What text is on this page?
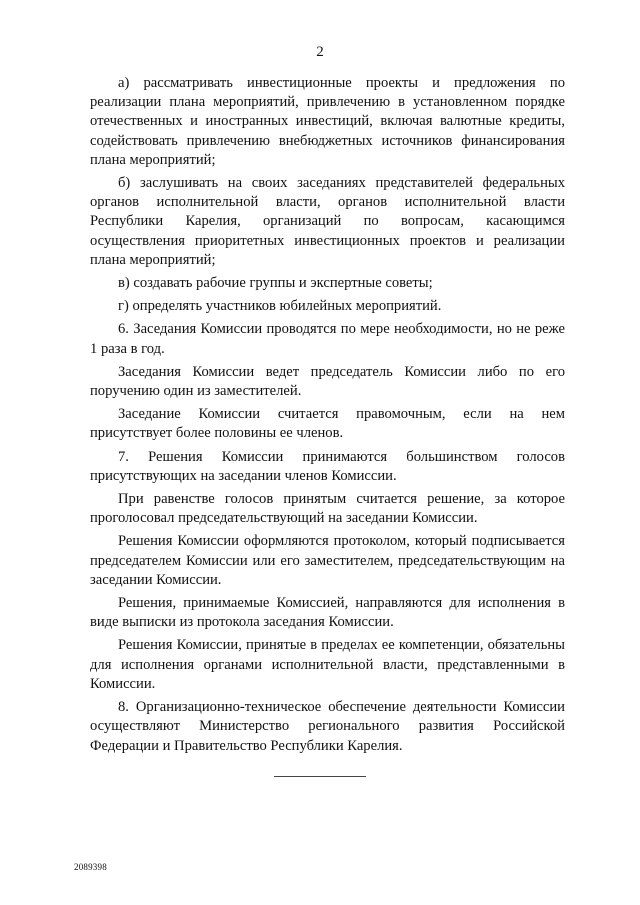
2

а) рассматривать инвестиционные проекты и предложения по реализации плана мероприятий, привлечению в установленном порядке отечественных и иностранных инвестиций, включая валютные кредиты, содействовать привлечению внебюджетных источников финансирования плана мероприятий;

б) заслушивать на своих заседаниях представителей федеральных органов исполнительной власти, органов исполнительной власти Республики Карелия, организаций по вопросам, касающимся осуществления приоритетных инвестиционных проектов и реализации плана мероприятий;

в) создавать рабочие группы и экспертные советы;

г) определять участников юбилейных мероприятий.

6. Заседания Комиссии проводятся по мере необходимости, но не реже 1 раза в год.

Заседания Комиссии ведет председатель Комиссии либо по его поручению один из заместителей.

Заседание Комиссии считается правомочным, если на нем присутствует более половины ее членов.

7. Решения Комиссии принимаются большинством голосов присутствующих на заседании членов Комиссии.

При равенстве голосов принятым считается решение, за которое проголосовал председательствующий на заседании Комиссии.

Решения Комиссии оформляются протоколом, который подписывается председателем Комиссии или его заместителем, председательствующим на заседании Комиссии.

Решения, принимаемые Комиссией, направляются для исполнения в виде выписки из протокола заседания Комиссии.

Решения Комиссии, принятые в пределах ее компетенции, обязательны для исполнения органами исполнительной власти, представленными в Комиссии.

8. Организационно-техническое обеспечение деятельности Комиссии осуществляют Министерство регионального развития Российской Федерации и Правительство Республики Карелия.

2089398
